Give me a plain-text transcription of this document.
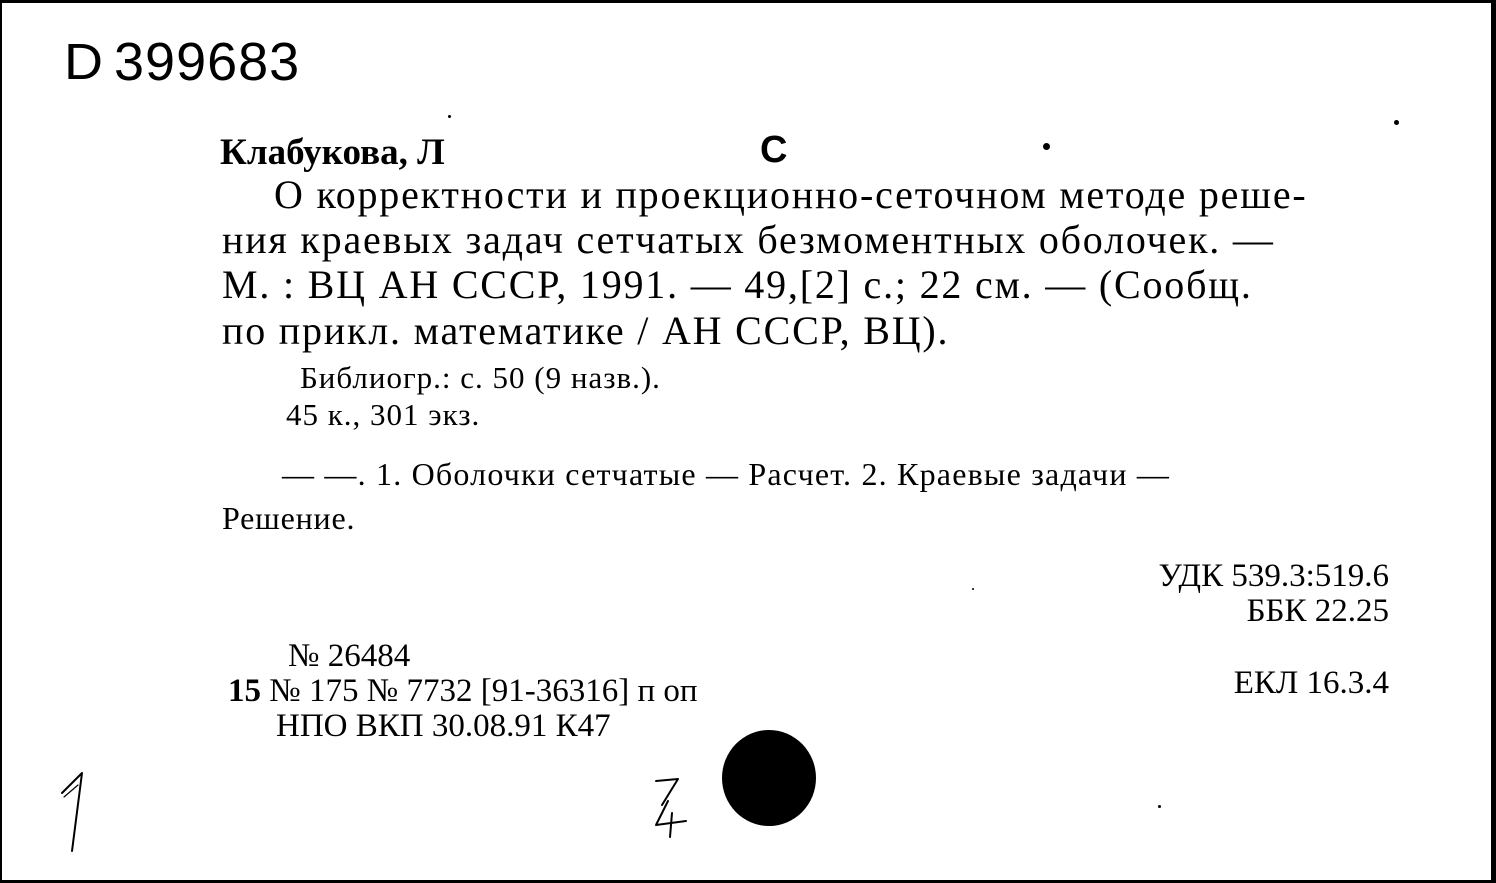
D 399683
Клабукова, Л	С
О корректности и проекционно-сеточном методе реше-
ния краевых задач сетчатых безмоментных оболочек. —
М. : ВЦ АН СССР, 1991. — 49,[2] с.; 22 см. — (Сообщ.
по прикл. математике / АН СССР, ВЦ).
Библиогр.: с. 50 (9 назв.).
45 к., 301 экз.
— —. 1. Оболочки сетчатые — Расчет. 2. Краевые задачи —
Решение.
УДК 539.3:519.6
ББК 22.25
ЕКЛ 16.3.4
№ 26484
15 № 175 № 7732 [91-36316] п оп
НПО ВКП 30.08.91 К47
